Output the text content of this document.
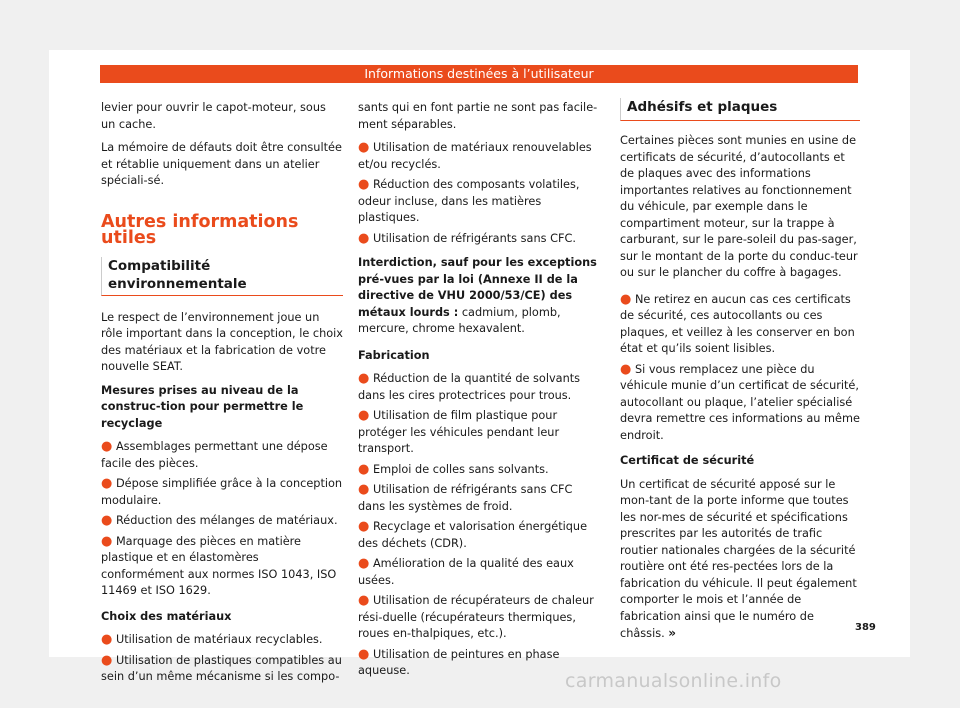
Informations destinées à l’utilisateur

levier pour ouvrir le capot-moteur, sous un cache.

La mémoire de défauts doit être consultée et rétablie uniquement dans un atelier spéciali-sé.

Autres informations utiles
Compatibilité environnementale

Le respect de l’environnement joue un rôle important dans la conception, le choix des matériaux et la fabrication de votre nouvelle SEAT.

Mesures prises au niveau de la construc-tion pour permettre le recyclage

● Assemblages permettant une dépose facile des pièces.

● Dépose simplifiée grâce à la conception modulaire.

● Réduction des mélanges de matériaux.

● Marquage des pièces en matière plastique et en élastomères conformément aux normes ISO 1043, ISO 11469 et ISO 1629.

Choix des matériaux

● Utilisation de matériaux recyclables.

● Utilisation de plastiques compatibles au sein d’un même mécanisme si les compo-

sants qui en font partie ne sont pas facile-ment séparables.

● Utilisation de matériaux renouvelables et/ou recyclés.

● Réduction des composants volatiles, odeur incluse, dans les matières plastiques.

● Utilisation de réfrigérants sans CFC.

Interdiction, sauf pour les exceptions pré-vues par la loi (Annexe II de la directive de VHU 2000/53/CE) des métaux lourds : cadmium, plomb, mercure, chrome hexavalent.

Fabrication

● Réduction de la quantité de solvants dans les cires protectrices pour trous.

● Utilisation de film plastique pour protéger les véhicules pendant leur transport.

● Emploi de colles sans solvants.

● Utilisation de réfrigérants sans CFC dans les systèmes de froid.

● Recyclage et valorisation énergétique des déchets (CDR).

● Amélioration de la qualité des eaux usées.

● Utilisation de récupérateurs de chaleur rési-duelle (récupérateurs thermiques, roues en-thalpiques, etc.).

● Utilisation de peintures en phase aqueuse.

Adhésifs et plaques

Certaines pièces sont munies en usine de certificats de sécurité, d’autocollants et de plaques avec des informations importantes relatives au fonctionnement du véhicule, par exemple dans le compartiment moteur, sur la trappe à carburant, sur le pare-soleil du pas-sager, sur le montant de la porte du conduc-teur ou sur le plancher du coffre à bagages.

● Ne retirez en aucun cas ces certificats de sécurité, ces autocollants ou ces plaques, et veillez à les conserver en bon état et qu’ils soient lisibles.

● Si vous remplacez une pièce du véhicule munie d’un certificat de sécurité, autocollant ou plaque, l’atelier spécialisé devra remettre ces informations au même endroit.

Certificat de sécurité

Un certificat de sécurité apposé sur le mon-tant de la porte informe que toutes les nor-mes de sécurité et spécifications prescrites par les autorités de trafic routier nationales chargées de la sécurité routière ont été res-pectées lors de la fabrication du véhicule. Il peut également comporter le mois et l’année de fabrication ainsi que le numéro de châssis. »	389
carmanualsonline.info
